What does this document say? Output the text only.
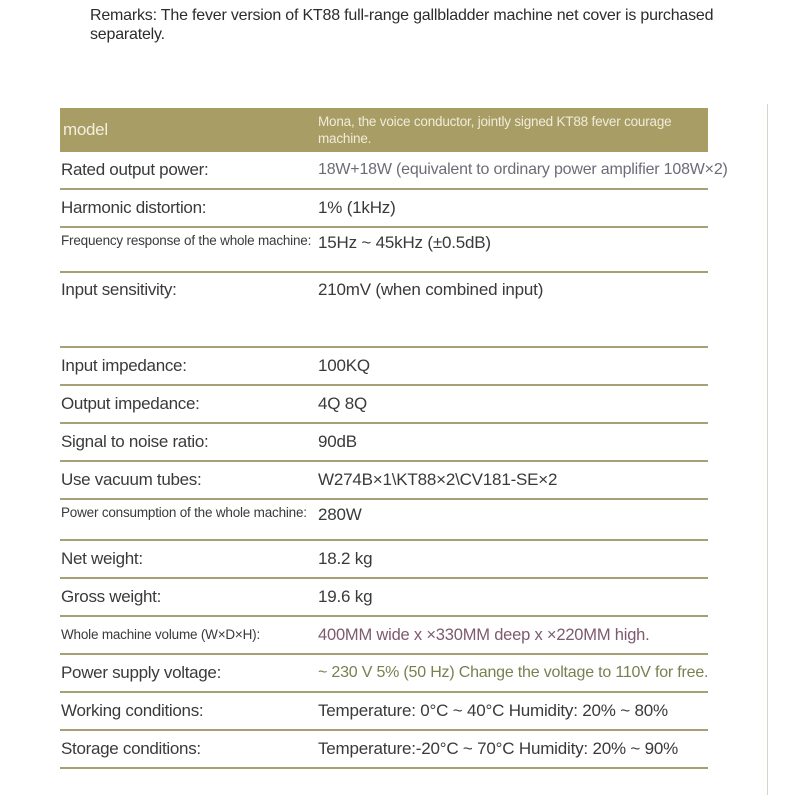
Remarks: The fever version of KT88 full-range gallbladder machine net cover is purchased separately.

model	Mona, the voice conductor, jointly signed KT88 fever courage machine.
Rated output power:	18W+18W (equivalent to ordinary power amplifier 108W×2)
Harmonic distortion:	1% (1kHz)
Frequency response of the whole machine: 15Hz ~ 45kHz (±0.5dB)
Input sensitivity:	210mV (when combined input)
Input impedance:	100KQ
Output impedance:	4Q 8Q
Signal to noise ratio:	90dB
Use vacuum tubes:	W274B×1\KT88×2\CV181-SE×2
Power consumption of the whole machine: 280W
Net weight:	18.2 kg
Gross weight:	19.6 kg
Whole machine volume (W×D×H):	400MM wide x ×330MM deep x ×220MM high.
Power supply voltage:	~ 230 V 5% (50 Hz) Change the voltage to 110V for free.
Working conditions:	Temperature: 0°C ~ 40°C Humidity: 20% ~ 80%
Storage conditions:	Temperature:-20°C ~ 70°C Humidity: 20% ~ 90%
